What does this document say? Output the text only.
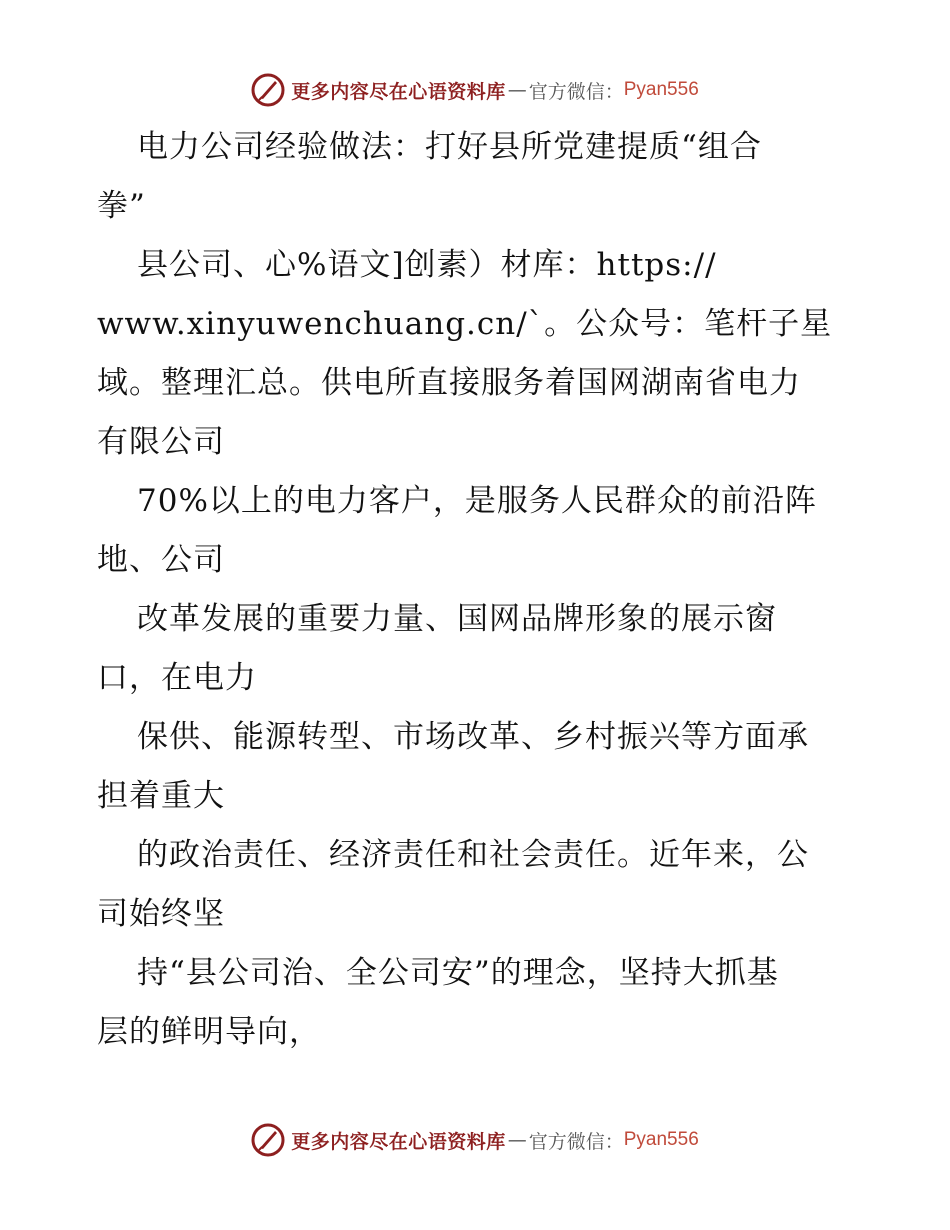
更多内容尽在心语资料库 — 官方微信： Pyan556
电力公司经验做法：打好县所党建提质“组合
拳”
县公司、心%语文]创素）材库：https://
www.xinyuwenchuang.cn/`。公众号：笔杆子星
域。整理汇总。供电所直接服务着国网湖南省电力
有限公司
70%以上的电力客户，是服务人民群众的前沿阵
地、公司
改革发展的重要力量、国网品牌形象的展示窗
口，在电力
保供、能源转型、市场改革、乡村振兴等方面承
担着重大
的政治责任、经济责任和社会责任。近年来，公
司始终坚
持“县公司治、全公司安”的理念，坚持大抓基
层的鲜明导向，
更多内容尽在心语资料库 — 官方微信： Pyan556
